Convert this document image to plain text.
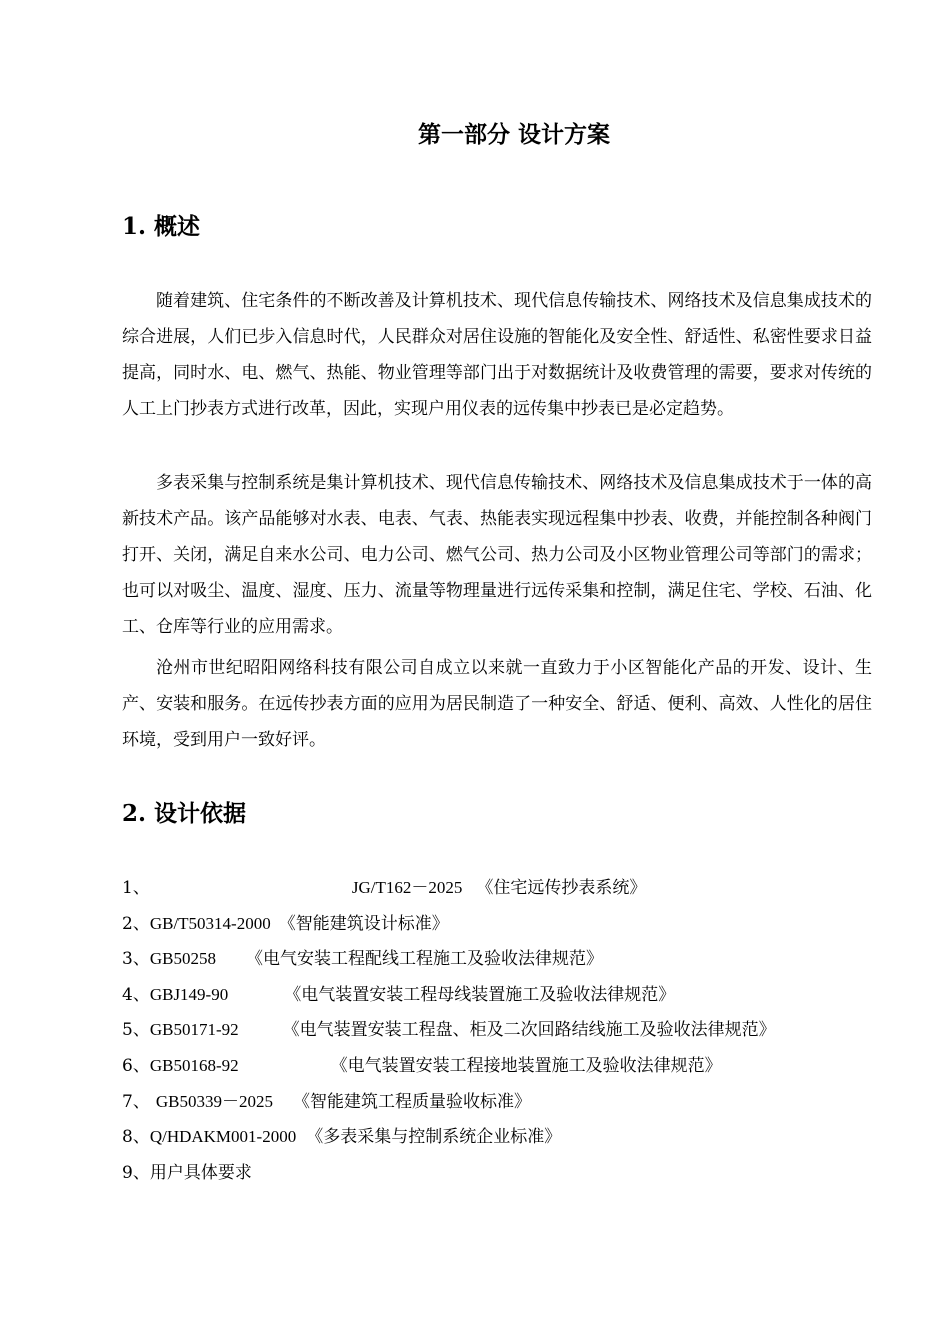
第一部分 设计方案
1. 概述

随着建筑、住宅条件的不断改善及计算机技术、现代信息传输技术、网络技术及信息集成技术的综合进展，人们已步入信息时代，人民群众对居住设施的智能化及安全性、舒适性、私密性要求日益提高，同时水、电、燃气、热能、物业管理等部门出于对数据统计及收费管理的需要，要求对传统的人工上门抄表方式进行改革，因此，实现户用仪表的远传集中抄表已是必定趋势。

多表采集与控制系统是集计算机技术、现代信息传输技术、网络技术及信息集成技术于一体的高新技术产品。该产品能够对水表、电表、气表、热能表实现远程集中抄表、收费，并能控制各种阀门打开、关闭，满足自来水公司、电力公司、燃气公司、热力公司及小区物业管理公司等部门的需求；也可以对吸尘、温度、湿度、压力、流量等物理量进行远传采集和控制，满足住宅、学校、石油、化工、仓库等行业的应用需求。

沧州市世纪昭阳网络科技有限公司自成立以来就一直致力于小区智能化产品的开发、设计、生产、安装和服务。在远传抄表方面的应用为居民制造了一种安全、舒适、便利、高效、人性化的居住环境，受到用户一致好评。

2. 设计依据
1、	JG/T162－2025 《住宅远传抄表系统》
2、GB/T50314-2000 《智能建筑设计标准》
3、GB50258 《电气安装工程配线工程施工及验收法律规范》
4、GBJ149-90	《电气装置安装工程母线装置施工及验收法律规范》
5、GB50171-92	《电气装置安装工程盘、柜及二次回路结线施工及验收法律规范》
6、GB50168-92	《电气装置安装工程接地装置施工及验收法律规范》
7、 GB50339－2025 《智能建筑工程质量验收标准》
8、Q/HDAKM001-2000 《多表采集与控制系统企业标准》
9、用户具体要求
